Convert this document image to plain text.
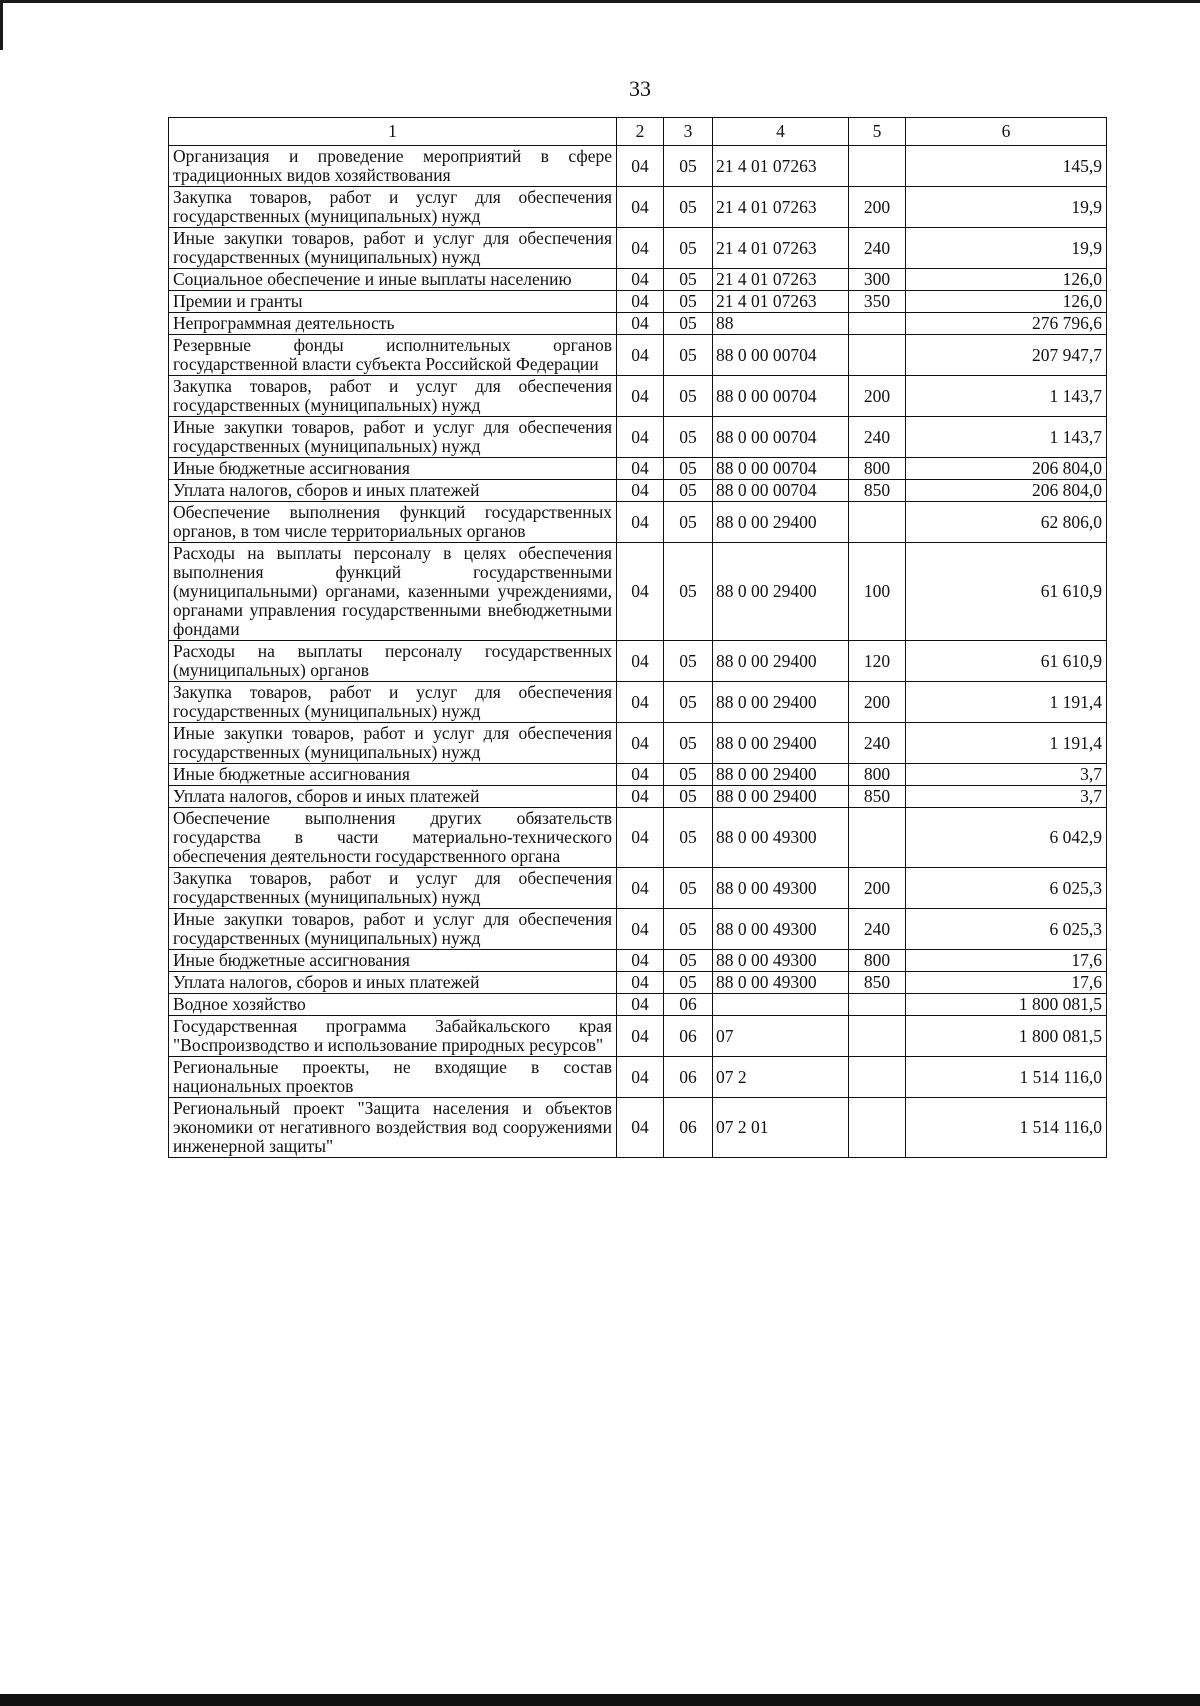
33
1	2	3	4	5	6
Организация и проведение мероприятий в сфере традиционных видов хозяйствования	04	05	21 4 01 07263		145,9
Закупка товаров, работ и услуг для обеспечения государственных (муниципальных) нужд	04	05	21 4 01 07263	200	19,9
Иные закупки товаров, работ и услуг для обеспечения государственных (муниципальных) нужд	04	05	21 4 01 07263	240	19,9
Социальное обеспечение и иные выплаты населению	04	05	21 4 01 07263	300	126,0
Премии и гранты	04	05	21 4 01 07263	350	126,0
Непрограммная деятельность	04	05	88		276 796,6
Резервные фонды исполнительных органов государственной власти субъекта Российской Федерации	04	05	88 0 00 00704		207 947,7
Закупка товаров, работ и услуг для обеспечения государственных (муниципальных) нужд	04	05	88 0 00 00704	200	1 143,7
Иные закупки товаров, работ и услуг для обеспечения государственных (муниципальных) нужд	04	05	88 0 00 00704	240	1 143,7
Иные бюджетные ассигнования	04	05	88 0 00 00704	800	206 804,0
Уплата налогов, сборов и иных платежей	04	05	88 0 00 00704	850	206 804,0
Обеспечение выполнения функций государственных органов, в том числе территориальных органов	04	05	88 0 00 29400		62 806,0
Расходы на выплаты персоналу в целях обеспечения выполнения функций государственными (муниципальными) органами, казенными учреждениями, органами управления государственными внебюджетными фондами	04	05	88 0 00 29400	100	61 610,9
Расходы на выплаты персоналу государственных (муниципальных) органов	04	05	88 0 00 29400	120	61 610,9
Закупка товаров, работ и услуг для обеспечения государственных (муниципальных) нужд	04	05	88 0 00 29400	200	1 191,4
Иные закупки товаров, работ и услуг для обеспечения государственных (муниципальных) нужд	04	05	88 0 00 29400	240	1 191,4
Иные бюджетные ассигнования	04	05	88 0 00 29400	800	3,7
Уплата налогов, сборов и иных платежей	04	05	88 0 00 29400	850	3,7
Обеспечение выполнения других обязательств государства в части материально-технического обеспечения деятельности государственного органа	04	05	88 0 00 49300		6 042,9
Закупка товаров, работ и услуг для обеспечения государственных (муниципальных) нужд	04	05	88 0 00 49300	200	6 025,3
Иные закупки товаров, работ и услуг для обеспечения государственных (муниципальных) нужд	04	05	88 0 00 49300	240	6 025,3
Иные бюджетные ассигнования	04	05	88 0 00 49300	800	17,6
Уплата налогов, сборов и иных платежей	04	05	88 0 00 49300	850	17,6
Водное хозяйство	04	06			1 800 081,5
Государственная программа Забайкальского края "Воспроизводство и использование природных ресурсов"	04	06	07		1 800 081,5
Региональные проекты, не входящие в состав национальных проектов	04	06	07 2		1 514 116,0
Региональный проект "Защита населения и объектов экономики от негативного воздействия вод сооружениями инженерной защиты"	04	06	07 2 01		1 514 116,0
